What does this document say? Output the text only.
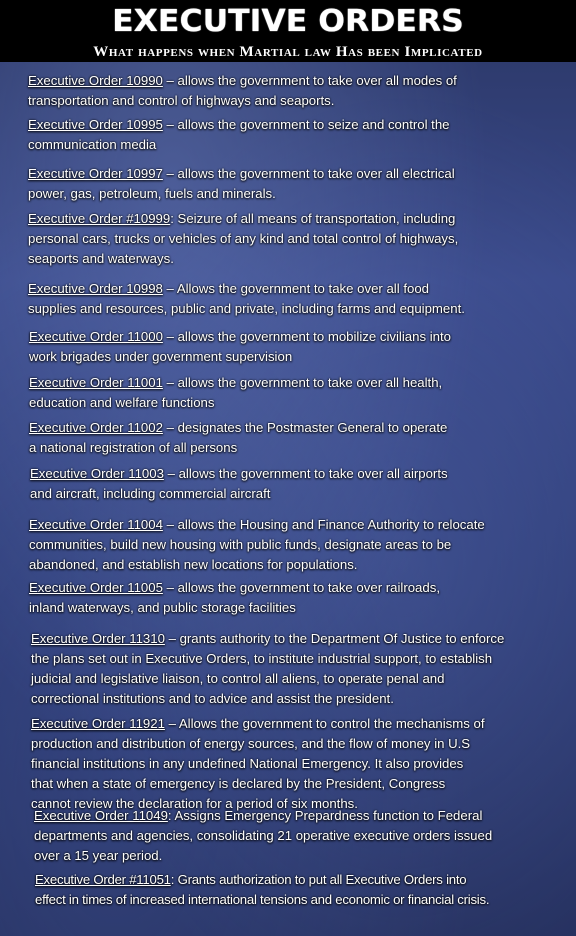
EXECUTIVE ORDERS
What happens when Martial law Has been Implicated
Executive Order 10990 – allows the government to take over all modes of
transportation and control of highways and seaports.
Executive Order 10995 – allows the government to seize and control the
communication media
Executive Order 10997 – allows the government to take over all electrical
power, gas, petroleum, fuels and minerals.
Executive Order #10999: Seizure of all means of transportation, including
personal cars, trucks or vehicles of any kind and total control of highways,
seaports and waterways.
Executive Order 10998 – Allows the government to take over all food
supplies and resources, public and private, including farms and equipment.
Executive Order 11000 – allows the government to mobilize civilians into
work brigades under government supervision
Executive Order 11001 – allows the government to take over all health,
education and welfare functions
Executive Order 11002 – designates the Postmaster General to operate
a national registration of all persons
Executive Order 11003 – allows the government to take over all airports
and aircraft, including commercial aircraft
Executive Order 11004 – allows the Housing and Finance Authority to relocate
communities, build new housing with public funds, designate areas to be
abandoned, and establish new locations for populations.
Executive Order 11005 – allows the government to take over railroads,
inland waterways, and public storage facilities
Executive Order 11310 – grants authority to the Department Of Justice to enforce
the plans set out in Executive Orders, to institute industrial support, to establish
judicial and legislative liaison, to control all aliens, to operate penal and
correctional institutions and to advice and assist the president.
Executive Order 11921 – Allows the government to control the mechanisms of
production and distribution of energy sources, and the flow of money in U.S
financial institutions in any undefined National Emergency. It also provides
that when a state of emergency is declared by the President, Congress
cannot review the declaration for a period of six months.
Executive Order 11049: Assigns Emergency Prepardness function to Federal
departments and agencies, consolidating 21 operative executive orders issued
over a 15 year period.
Executive Order #11051: Grants authorization to put all Executive Orders into
effect in times of increased international tensions and economic or financial crisis.
